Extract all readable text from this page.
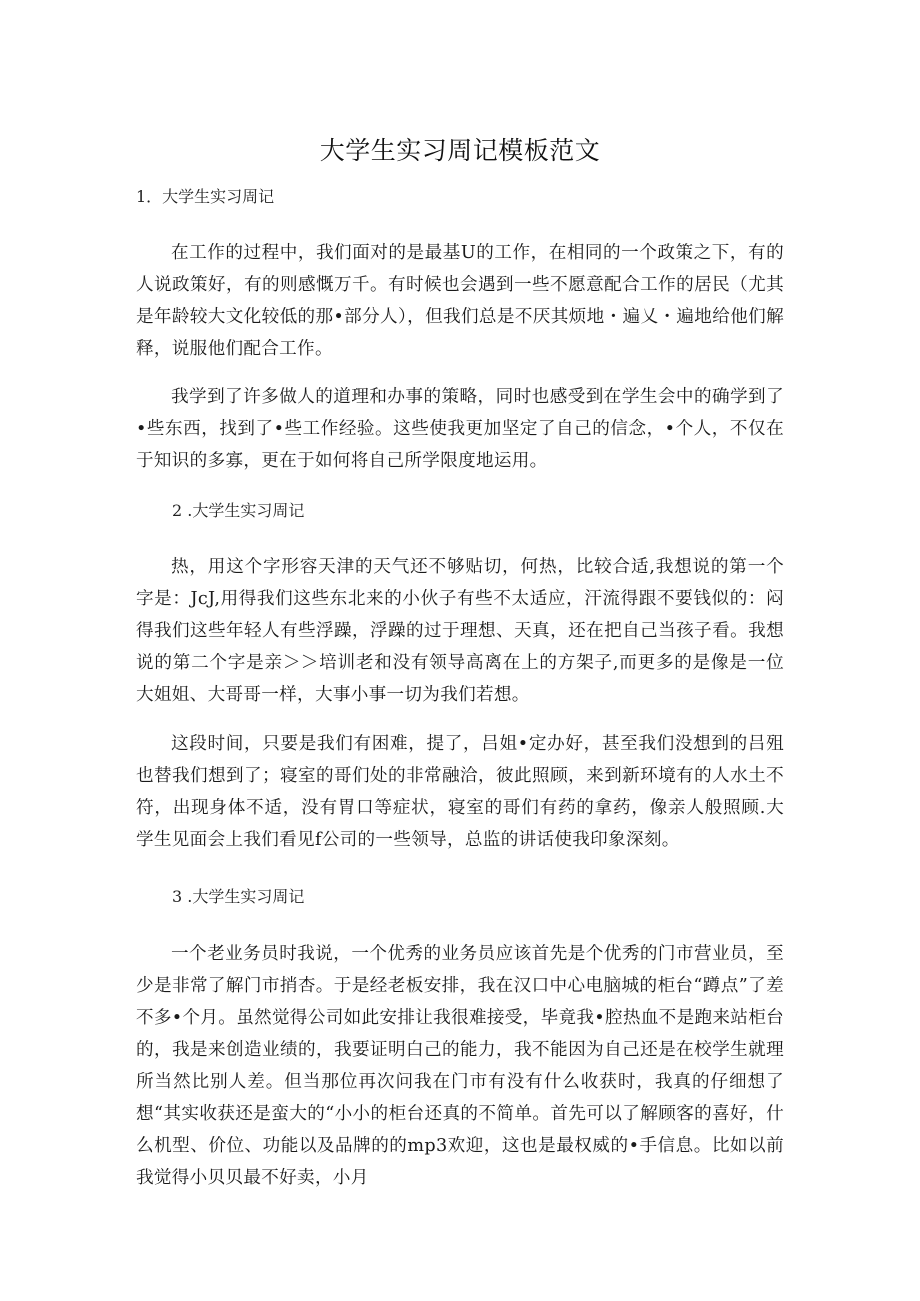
大学生实习周记模板范文
1．大学生实习周记

在工作的过程中，我们面对的是最基U的工作，在相同的一个政策之下，有的人说政策好，有的则感慨万千。有时候也会遇到一些不愿意配合工作的居民（尤其是年龄较大文化较低的那•部分人），但我们总是不厌其烦地・遍乂・遍地给他们解释，说服他们配合工作。

我学到了许多做人的道理和办事的策略，同时也感受到在学生会中的确学到了•些东西，找到了•些工作经验。这些使我更加坚定了自己的信念，•个人，不仅在于知识的多寡，更在于如何将自己所学限度地运用。

2 .大学生实习周记

热，用这个字形容天津的天气还不够贴切，何热，比较合适,我想说的第一个字是：JcJ,用得我们这些东北来的小伙子有些不太适应，汗流得跟不要钱似的：闷得我们这些年轻人有些浮躁，浮躁的过于理想、天真，还在把自己当孩子看。我想说的第二个字是亲＞＞培训老和没有领导高离在上的方架子,而更多的是像是一位大姐姐、大哥哥一样，大事小事一切为我们若想。

这段时间，只要是我们有困难，提了，吕姐•定办好，甚至我们没想到的吕殂也替我们想到了；寝室的哥们处的非常融洽，彼此照顾，来到新环境有的人水土不符，出现身体不适，没有胃口等症状，寝室的哥们有药的拿药，像亲人般照顾.大学生见面会上我们看见f公司的一些领导，总监的讲话使我印象深刻。

3 .大学生实习周记

一个老业务员时我说，一个优秀的业务员应该首先是个优秀的门市营业员，至少是非常了解门市捎杏。于是经老板安排，我在汉口中心电脑城的柜台“蹲点”了差不多•个月。虽然觉得公司如此安排让我很难接受，毕竟我•腔热血不是跑来站柜台的，我是来创造业绩的，我要证明白己的能力，我不能因为自己还是在校学生就理所当然比别人差。但当那位再次问我在门市有没有什么收获时，我真的仔细想了想“其实收获还是蛮大的“小小的柜台还真的不简单。首先可以了解顾客的喜好，什么机型、价位、功能以及品牌的的mp3欢迎，这也是最权威的•手信息。比如以前我觉得小贝贝最不好卖，小月
